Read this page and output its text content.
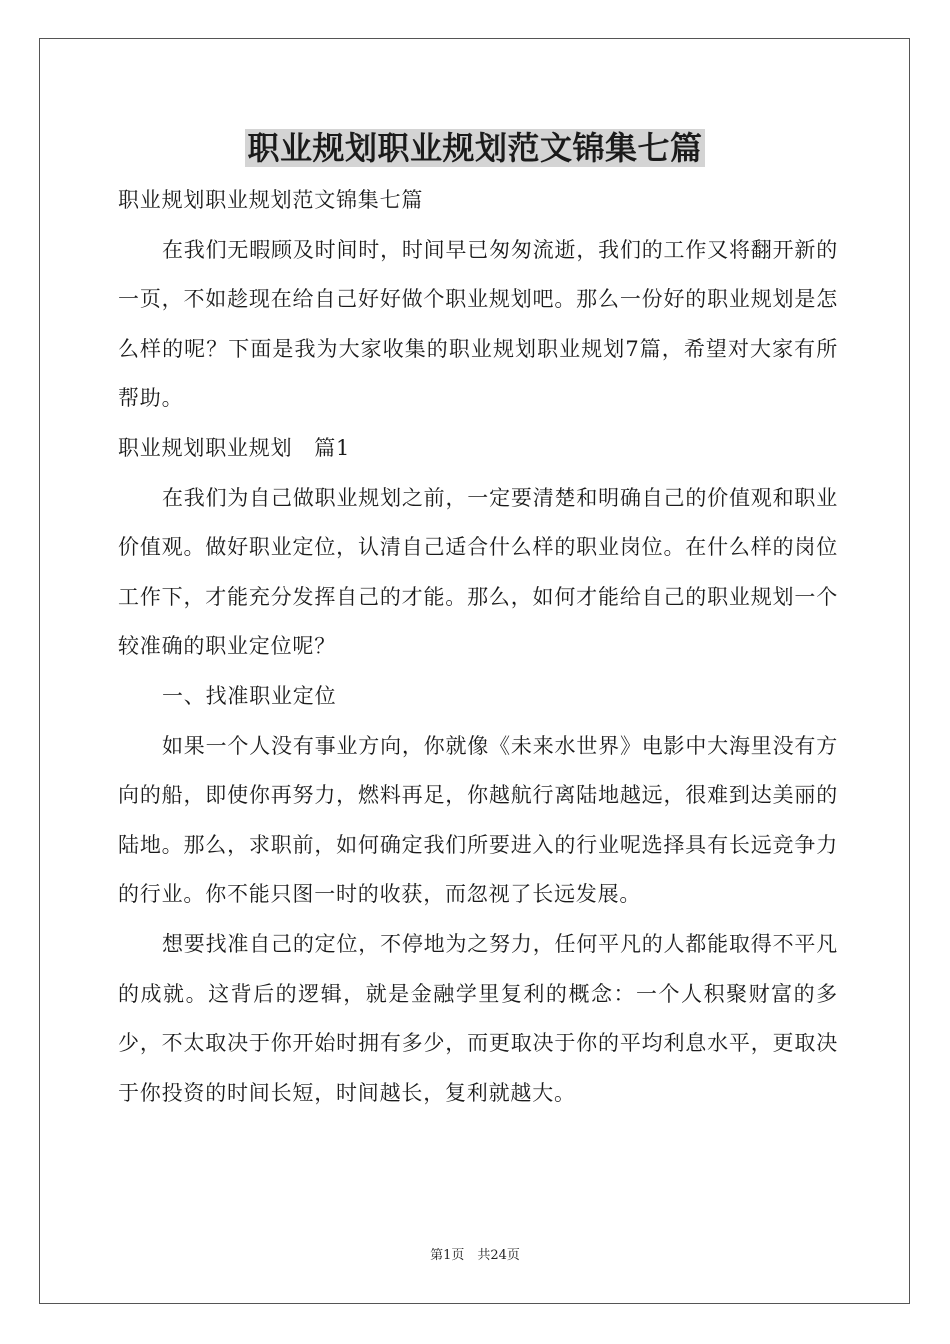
职业规划职业规划范文锦集七篇

职业规划职业规划范文锦集七篇

在我们无暇顾及时间时，时间早已匆匆流逝，我们的工作又将翻开新的一页，不如趁现在给自己好好做个职业规划吧。那么一份好的职业规划是怎么样的呢？下面是我为大家收集的职业规划职业规划7篇，希望对大家有所帮助。

职业规划职业规划　篇1

在我们为自己做职业规划之前，一定要清楚和明确自己的价值观和职业价值观。做好职业定位，认清自己适合什么样的职业岗位。在什么样的岗位工作下，才能充分发挥自己的才能。那么，如何才能给自己的职业规划一个较准确的职业定位呢？

一、找准职业定位

如果一个人没有事业方向，你就像《未来水世界》电影中大海里没有方向的船，即使你再努力，燃料再足，你越航行离陆地越远，很难到达美丽的陆地。那么，求职前，如何确定我们所要进入的行业呢选择具有长远竞争力的行业。你不能只图一时的收获，而忽视了长远发展。

想要找准自己的定位，不停地为之努力，任何平凡的人都能取得不平凡的成就。这背后的逻辑，就是金融学里复利的概念：一个人积聚财富的多少，不太取决于你开始时拥有多少，而更取决于你的平均利息水平，更取决于你投资的时间长短，时间越长，复利就越大。

第1页　共24页
